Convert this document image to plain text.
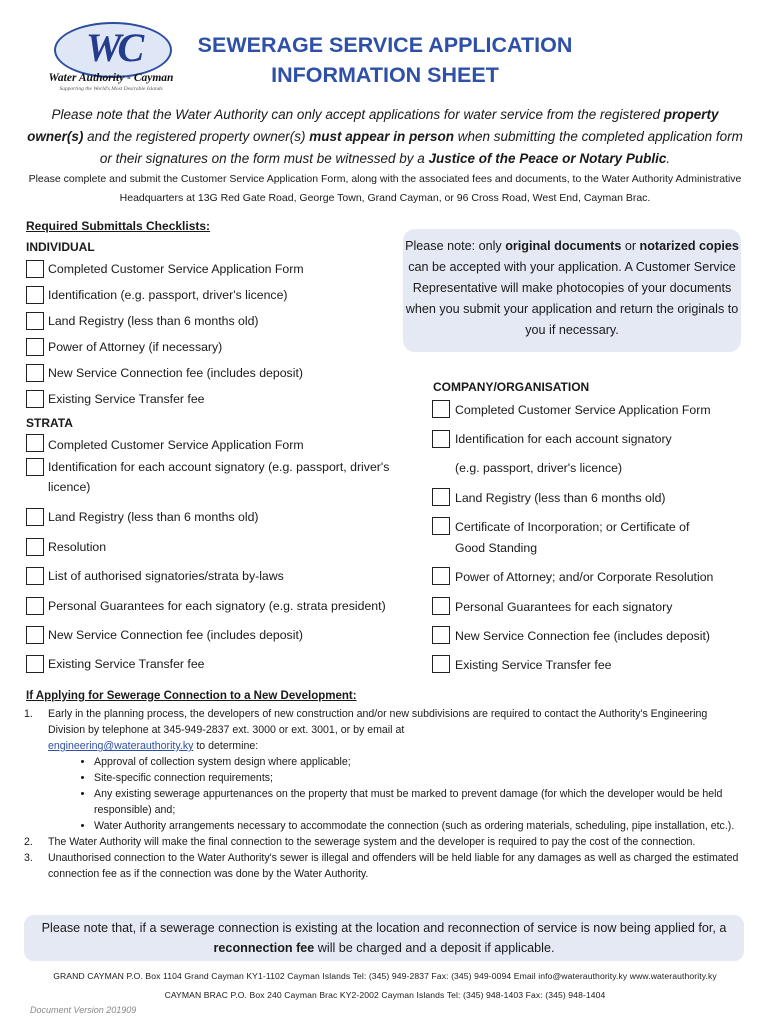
WC
Water Authority - Cayman
Supporting the World's Most Desirable Islands
SEWERAGE SERVICE APPLICATION
INFORMATION SHEET
Please note that the Water Authority can only accept applications for water service from the registered property owner(s) and the registered property owner(s) must appear in person when submitting the completed application form or their signatures on the form must be witnessed by a Justice of the Peace or Notary Public.
Please complete and submit the Customer Service Application Form, along with the associated fees and documents, to the Water Authority Administrative Headquarters at 13G Red Gate Road, George Town, Grand Cayman, or 96 Cross Road, West End, Cayman Brac.
Required Submittals Checklists:
INDIVIDUAL
Completed Customer Service Application Form
Identification (e.g. passport, driver's licence)
Land Registry (less than 6 months old)
Power of Attorney (if necessary)
New Service Connection fee (includes deposit)
Existing Service Transfer fee
STRATA
Completed Customer Service Application Form
Identification for each account signatory (e.g. passport, driver's
licence)
Land Registry (less than 6 months old)
Resolution
List of authorised signatories/strata by-laws
Personal Guarantees for each signatory (e.g. strata president)
New Service Connection fee (includes deposit)
Existing Service Transfer fee
Please note: only original documents or notarized copies can be accepted with your application. A Customer Service Representative will make photocopies of your documents when you submit your application and return the originals to you if necessary.
COMPANY/ORGANISATION
Completed Customer Service Application Form
Identification for each account signatory
(e.g. passport, driver's licence)
Land Registry (less than 6 months old)
Certificate of Incorporation; or Certificate of
Good Standing
Power of Attorney; and/or Corporate Resolution
Personal Guarantees for each signatory
New Service Connection fee (includes deposit)
Existing Service Transfer fee
If Applying for Sewerage Connection to a New Development:
1.	Early in the planning process, the developers of new construction and/or new subdivisions are required to contact the Authority's Engineering Division by telephone at 345-949-2837 ext. 3000 or ext. 3001, or by email at
engineering@waterauthority.ky to determine:
• Approval of collection system design where applicable;
• Site-specific connection requirements;
• Any existing sewerage appurtenances on the property that must be marked to prevent damage (for which the developer would be held responsible) and;
• Water Authority arrangements necessary to accommodate the connection (such as ordering materials, scheduling, pipe installation, etc.).
2.	The Water Authority will make the final connection to the sewerage system and the developer is required to pay the cost of the connection.
3.	Unauthorised connection to the Water Authority's sewer is illegal and offenders will be held liable for any damages as well as charged the estimated connection fee as if the connection was done by the Water Authority.
Please note that, if a sewerage connection is existing at the location and reconnection of service is now being applied for, a reconnection fee will be charged and a deposit if applicable.
GRAND CAYMAN P.O. Box 1104 Grand Cayman KY1-1102 Cayman Islands Tel: (345) 949-2837 Fax: (345) 949-0094 Email info@waterauthority.ky www.waterauthority.ky
CAYMAN BRAC P.O. Box 240 Cayman Brac KY2-2002 Cayman Islands Tel: (345) 948-1403 Fax: (345) 948-1404
Document Version 201909
